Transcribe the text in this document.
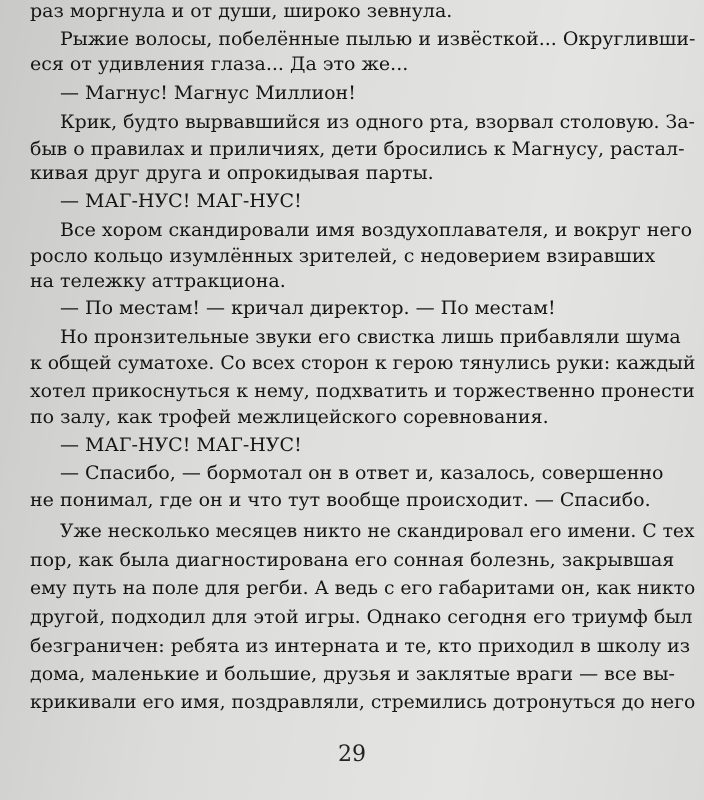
раз моргнула и от души, широко зевнула.
Рыжие волосы, побелённые пылью и извёсткой... Округливши-
еся от удивления глаза... Да это же...
— Магнус! Магнус Миллион!
Крик, будто вырвавшийся из одного рта, взорвал столовую. За-
быв о правилах и приличиях, дети бросились к Магнусу, растал-
кивая друг друга и опрокидывая парты.
— МАГ-НУС! МАГ-НУС!
Все хором скандировали имя воздухоплавателя, и вокруг него
росло кольцо изумлённых зрителей, с недоверием взиравших
на тележку аттракциона.
— По местам! — кричал директор. — По местам!
Но пронзительные звуки его свистка лишь прибавляли шума
к общей суматохе. Со всех сторон к герою тянулись руки: каждый
хотел прикоснуться к нему, подхватить и торжественно пронести
по залу, как трофей межлицейского соревнования.
— МАГ-НУС! МАГ-НУС!
— Спасибо, — бормотал он в ответ и, казалось, совершенно
не понимал, где он и что тут вообще происходит. — Спасибо.
Уже несколько месяцев никто не скандировал его имени. С тех
пор, как была диагностирована его сонная болезнь, закрывшая
ему путь на поле для регби. А ведь с его габаритами он, как никто
другой, подходил для этой игры. Однако сегодня его триумф был
безграничен: ребята из интерната и те, кто приходил в школу из
дома, маленькие и большие, друзья и заклятые враги — все вы-
крикивали его имя, поздравляли, стремились дотронуться до него
29
